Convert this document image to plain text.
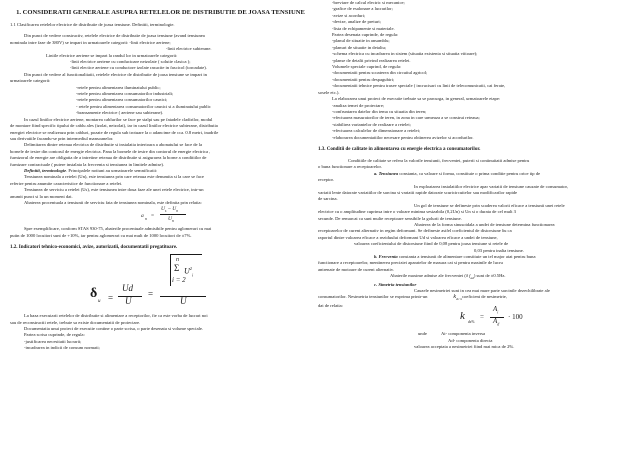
1. CONSIDERATII GENERALE ASUPRA RETELELOR DE DISTRIBUTIE DE JOASA TENSIUNE
1.1 Clasificarea retelelor electrice de distributie de joasa tensiune. Definitii, terminologie.
Din punct de vedere constructiv, retelele electrice de distributie de joasa tensiune (avand tensiunea
nominala intre faze de 380V) se impart in urmatoarele categorii: -linii electrice aeriene;
-linii electrice subterane.
Liniile electrice aeriene se impart la randul lor in urmatoarele categorii:
-linii electrice aeriene cu conductoare neizolate ( solutie clasica );
-linii electice aeriene cu conductore izolate rasucite in fascicol (toroadate).
Din punct de vedere al functionalitatii, retelele electrice de distributie de joasa tensiune se impart in
urmatoarele categorii:
-retele pentru alimentarea iluminatului public;
-retele pentru alimentarea consumatorilor industriali;
-retele pentru alimentarea consumatorilor casnici;
- retele pentru alimentarea consumatorilor casnici si a iluminatului public
-bransamente electrice ( aeriene sau subterane).
In cazul liniilor electrice aeriene, montarea cablurilor se face pe stalpi sau pe fatadele cladirilor, modul
de montare fiind specific tipului de cablu ales (izolat, neizolat), iar in cazul liniilor electrice subterane, distributia
energiei electrice se realizeaza prin cabluri, pozate de regula sub trotuare la o adancime de cca. 0.8 metri, inadrile
sau derivatiile facandu-se prin intermediul mansoanelor.
Delimitarea dintre reteaua electrica de distributie si instalatia interioara a abonatului se face de la
bornele de iesire din contorul de energie electrica. Pana la bornele de iesire din contorul de energie electrica ,
furnizorul de energie are obligatia de a intretine reteaua de distributie si asigurarea la borne a conditiilor de
furnizare contractuale ( putere instalata la frecventa si tensiunea in limitele admise).
Definitii, terminologie. Principalele notiuni au urmatoarele semnificatii:
Tensiunea nominala a retelei (Un), este tensiunea prin care reteaua este denumita si la care se face
referire pentru anumite caracteristice de functionare a retelei.
Tensiunea de serviciu a retelei (Us), este tensiunea intre doua faze ale unei retele electrice, intr-un
anumit punct si la un moment dat.
Abaterea procentuala a tensiunii de serviciu fata de tensiunea nominala, este definita prin relatia:
a n =
$U_s - U_n$
$U_n$
Spre exemplificare, conform STAS 930-75, abaterile procentuale admisibile pentru aglomerari cu mai
putin de 1000 locuitori sunt de +10%, iar pentru aglomerari cu mai mult de 1000 locuitori de ±7%.
1.2. Indicatori tehnico-economici, avize, autorizatii, documentatii pregatitoare.
n
Σ $U^2_i$
i = 2
δ
u =
Ud
U
=
U
La baza executarii retelelor de distributie si alimentare a receptorilor, fie ca este vorba de lucrari noi
sau de reconstructii retele, trebuie sa existe documentatii de proiectare.
Documentatia unui proiect de executie contine o parte scrisa, o parte desenata si volume speciale.
Partea scrisa cuprinde, de regula:
-justificarea necesitatii lucrarii;
-incadrarea in indicii de consum normati;
-breviare de calcul electric si mecanice;
-grafice de esalonare a lucrarilor;
-avize si acorduri;
-devize, analize de preturi;
-lista de echipamente si materiale.
Partea desenata cuprinde, de regula:
-planul de situatie in ansamblu;
-planuri de situatie in detaliu;
-schema electrica cu incadrarea in sistem (situatia existenta si situatia viitoare);
-planse de detalii privind realizarea retelei.
Volumele speciale cuprind, de regula:
-documentatii pentru scoaterea din circuitul agricol;
-documentatii pentru despagubiri;
-documentatii tehnice pentru trasee speciale ( incrucisari cu linii de telecomunicatii, cai ferate,
sosele etc.).
La elaborarea unui proiect de executie trebuie sa se parcurga, in general, urmatoarele etape:
-analiza temei de proiectare;
-confruntarea datelor din tema cu situatia din teren;
-efectuarea masuratorilor de teren, in zona in care urmeaza a se construi reteaua;
-stabilirea variantelor de realizare a retelei;
-efectuarea calculelor de dimensionare a retelei;
-elaborarea documentatiilor necesare pentru obtinerea avizelor si acordurilor.
1.3. Conditii de calitate in alimentarea cu energie electrica a consumatorilor.
Conditiile de calitate se refera la valorile tensiunii, frecventei, puterii si continuitatii admise pentru
o buna functionare a receptoarelor.
a. Tensiunea constanta, ca valoare si forma, constituie o prima conditie pentru orice tip de
receptor.
In exploatarea instalatiilor electrice apar variatii de tensiune cauzate de consumator,
variatii lente datorate variatiilor de sarcina si variatii rapide datorate scurtcircuitelor sau modificarilor rapide
de sarcina.
Un gol de tensiune se defineste prin scaderea valorii eficace a tensiunii unei retele
electrice cu o amplitudine cuprinsa intre o valoare minima sesizabila (0,2Un) si Un si o durata de cel mult 3
secunde. De remarcat ca sunt multe receptoare sensibile la golurii de tensiune.
Abaterea de la forma sinusoidala a undei de tensiune determina functionarea
receptoarelor de curent alternativ in regim deformant. Se defineste astfel coeficientul de distorsiune δu ca
raportul dintre valoarea eficace a reziduului deformant Ud si valoarea eficace a undei de tensiune,
valoarea coeficientului de distorsiune fiind de 0,08 pentru joasa tensiune si retele de
0,03 pentru inalta tensiune.
b. Frecventa constanta a tensiunii de alimentare constituie un tel major atat pentru buna
functionare a receptoarelor, mentinerea preciziei aparatelor de masura cat si pentru masinile de lucru
antrenate de motoare de curent alternativ.
Abaterile maxime admise ale frecventei (δ $f_{ad}$) sunt de ±0.5Hz.
c. Simetria tensiunilor
Cauzele nesimetriei sunt in cea mai mare parte sarcinile dezechilibrate ale
consumatorilor. Nesimetria tensiunilor se exprima printr-un	$k_{ds \%}coeficient$ de nesimetrie,
dat de relatia:
k ds%
=
$A_i$
$A_d$
· 100
unde	Ai- componenta inversa
Ad- componenta directa
valoarea acceptata a nesimetriei fiind mai mica de 2%.
